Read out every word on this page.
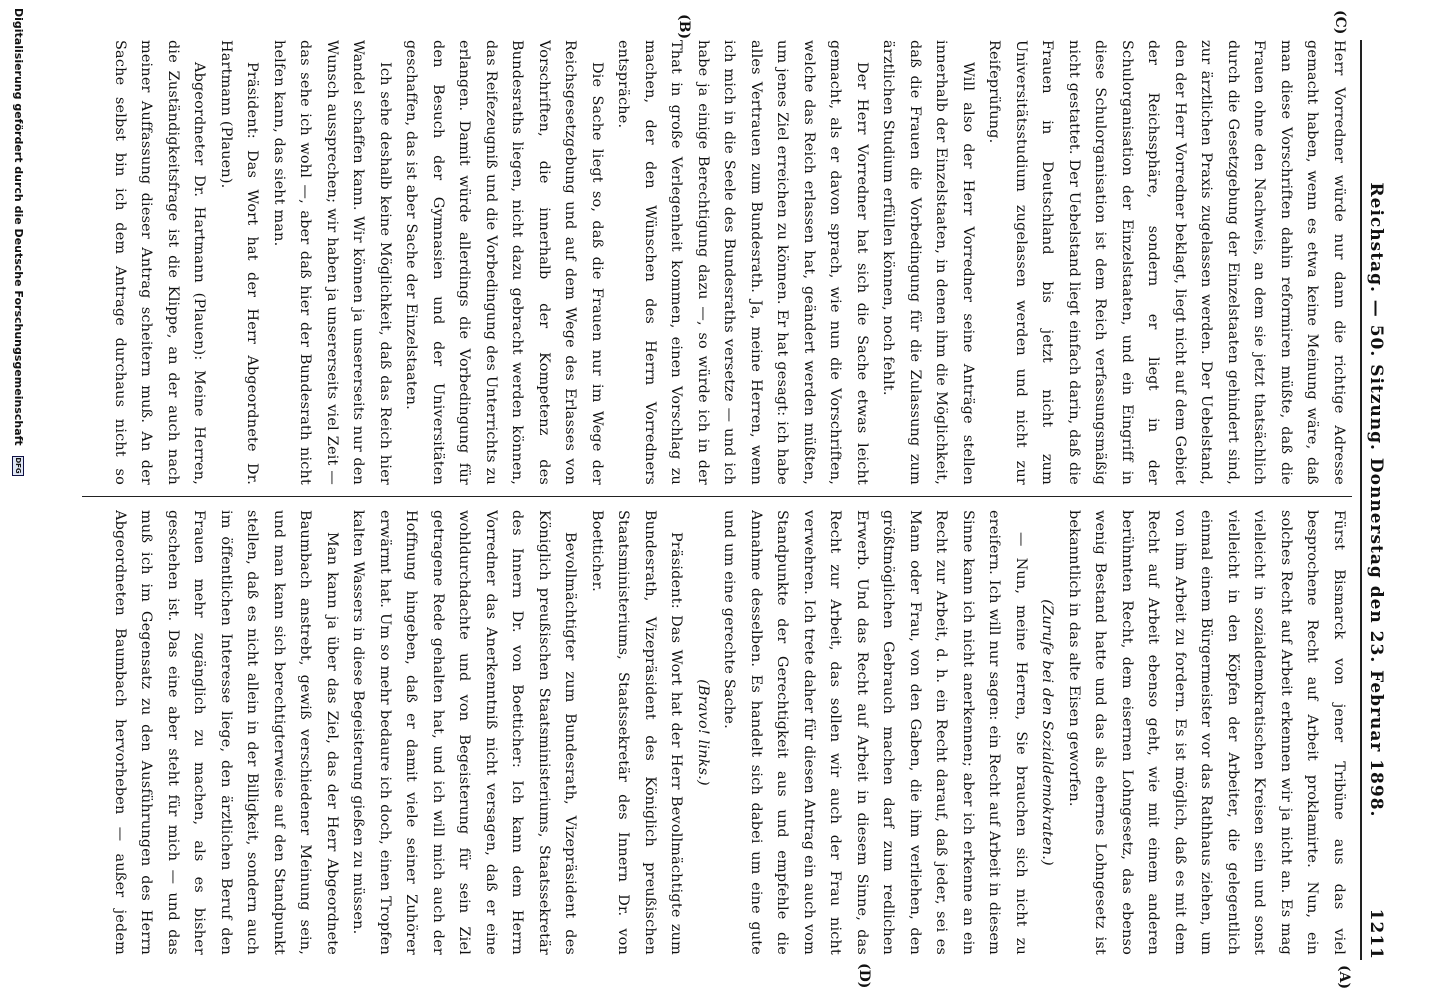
Reichstag. — 50. Sitzung. Donnerstag den 23. Februar 1898.
1211
(A)
(B)	(C)
(D)

Herr Vorredner würde nur dann die richtige Adresse gemacht haben, wenn es etwa keine Meinung wäre, daß man diese Vorschriften dahin reformiren müßte, daß die Frauen ohne den Nachweis, an dem sie jetzt thatsächlich durch die Gesetzgebung der Einzelstaaten gehindert sind, zur ärztlichen Praxis zugelassen werden. Der Uebelstand, den der Herr Vorredner beklagt, liegt nicht auf dem Gebiet der Reichssphäre, sondern er liegt in der Schulorganisation der Einzelstaaten, und ein Eingriff in diese Schulorganisation ist dem Reich verfassungsmäßig nicht gestattet. Der Uebelstand liegt einfach darin, daß die Frauen in Deutschland bis jetzt nicht zum Universitätsstudium zugelassen werden und nicht zur Reifeprüfung.

Will also der Herr Vorredner seine Anträge stellen innerhalb der Einzelstaaten, in denen ihm die Möglichkeit, daß die Frauen die Vorbedingung für die Zulassung zum ärztlichen Studium erfüllen können, noch fehlt.

Der Herr Vorredner hat sich die Sache etwas leicht gemacht, als er davon sprach, wie nun die Vorschriften, welche das Reich erlassen hat, geändert werden müßten, um jenes Ziel erreichen zu können. Er hat gesagt: ich habe alles Vertrauen zum Bundesrath. Ja, meine Herren, wenn ich mich in die Seele des Bundesraths versetze — und ich habe ja einige Berechtigung dazu —, so würde ich in der That in große Verlegenheit kommen, einen Vorschlag zu machen, der den Wünschen des Herrn Vorredners entspräche.

Die Sache liegt so, daß die Frauen nur im Wege der Reichsgesetzgebung und auf dem Wege des Erlasses von Vorschriften, die innerhalb der Kompetenz des Bundesraths liegen, nicht dazu gebracht werden können, das Reifezeugniß und die Vorbedingung des Unterrichts zu erlangen. Damit würde allerdings die Vorbedingung für den Besuch der Gymnasien und der Universitäten geschaffen, das ist aber Sache der Einzelstaaten.

Ich sehe deshalb keine Möglichkeit, daß das Reich hier Wandel schaffen kann. Wir können ja unsererseits nur den Wunsch aussprechen; wir haben ja unsererseits viel Zeit — das sehe ich wohl —, aber daß hier der Bundesrath nicht helfen kann, das sieht man.

Präsident: Das Wort hat der Herr Abgeordnete Dr. Hartmann (Plauen).

Abgeordneter Dr. Hartmann (Plauen): Meine Herren, die Zuständigkeitsfrage ist die Klippe, an der auch nach meiner Auffassung dieser Antrag scheitern muß. An der Sache selbst bin ich dem Antrage durchaus nicht so

Fürst Bismarck von jener Tribüne aus das viel besprochene Recht auf Arbeit proklamirte. Nun, ein solches Recht auf Arbeit erkennen wir ja nicht an. Es mag vielleicht in sozialdemokratischen Kreisen sein und sonst vielleicht in den Köpfen der Arbeiter, die gelegentlich einmal einem Bürgermeister vor das Rathhaus ziehen, um von ihm Arbeit zu fordern. Es ist möglich, daß es mit dem Recht auf Arbeit ebenso geht, wie mit einem anderen berühmten Recht, dem eisernen Lohngesetz, das ebenso wenig Bestand hatte und das als ehernes Lohngesetz ist bekanntlich in das alte Eisen geworfen.

(Zurufe bei den Sozialdemokraten.)

— Nun, meine Herren, Sie brauchen sich nicht zu ereifern. Ich will nur sagen: ein Recht auf Arbeit in diesem Sinne kann ich nicht anerkennen; aber ich erkenne an ein Recht zur Arbeit, d. h. ein Recht darauf, daß jeder, sei es Mann oder Frau, von den Gaben, die ihm verliehen, den größtmöglichen Gebrauch machen darf zum redlichen Erwerb. Und das Recht auf Arbeit in diesem Sinne, das Recht zur Arbeit, das sollen wir auch der Frau nicht verwehren. Ich trete daher für diesen Antrag ein auch vom Standpunkte der Gerechtigkeit aus und empfehle die Annahme desselben. Es handelt sich dabei um eine gute und um eine gerechte Sache.

(Bravo! links.)

Präsident: Das Wort hat der Herr Bevollmächtigte zum Bundesrath, Vizepräsident des Königlich preußischen Staatsministeriums, Staatssekretär des Innern Dr. von Boetticher.

Bevollmächtigter zum Bundesrath, Vizepräsident des Königlich preußischen Staatsministeriums, Staatssekretär des Innern Dr. von Boetticher: Ich kann dem Herrn Vorredner das Anerkenntniß nicht versagen, daß er eine wohldurchdachte und von Begeisterung für sein Ziel getragene Rede gehalten hat, und ich will mich auch der Hoffnung hingeben, daß er damit viele seiner Zuhörer erwärmt hat. Um so mehr bedaure ich doch, einen Tropfen kalten Wassers in diese Begeisterung gießen zu müssen.

Man kann ja über das Ziel, das der Herr Abgeordnete Baumbach anstrebt, gewiß verschiedener Meinung sein, und man kann sich berechtigterweise auf den Standpunkt stellen, daß es nicht allein in der Billigkeit, sondern auch im öffentlichen Interesse liege, den ärztlichen Beruf den Frauen mehr zugänglich zu machen, als es bisher geschehen ist. Das eine aber steht für mich — und das muß ich im Gegensatz zu den Ausführungen des Herrn Abgeordneten Baumbach hervorheben — außer jedem

Digitalisierung gefördert durch die Deutsche Forschungsgemeinschaft
DFG
